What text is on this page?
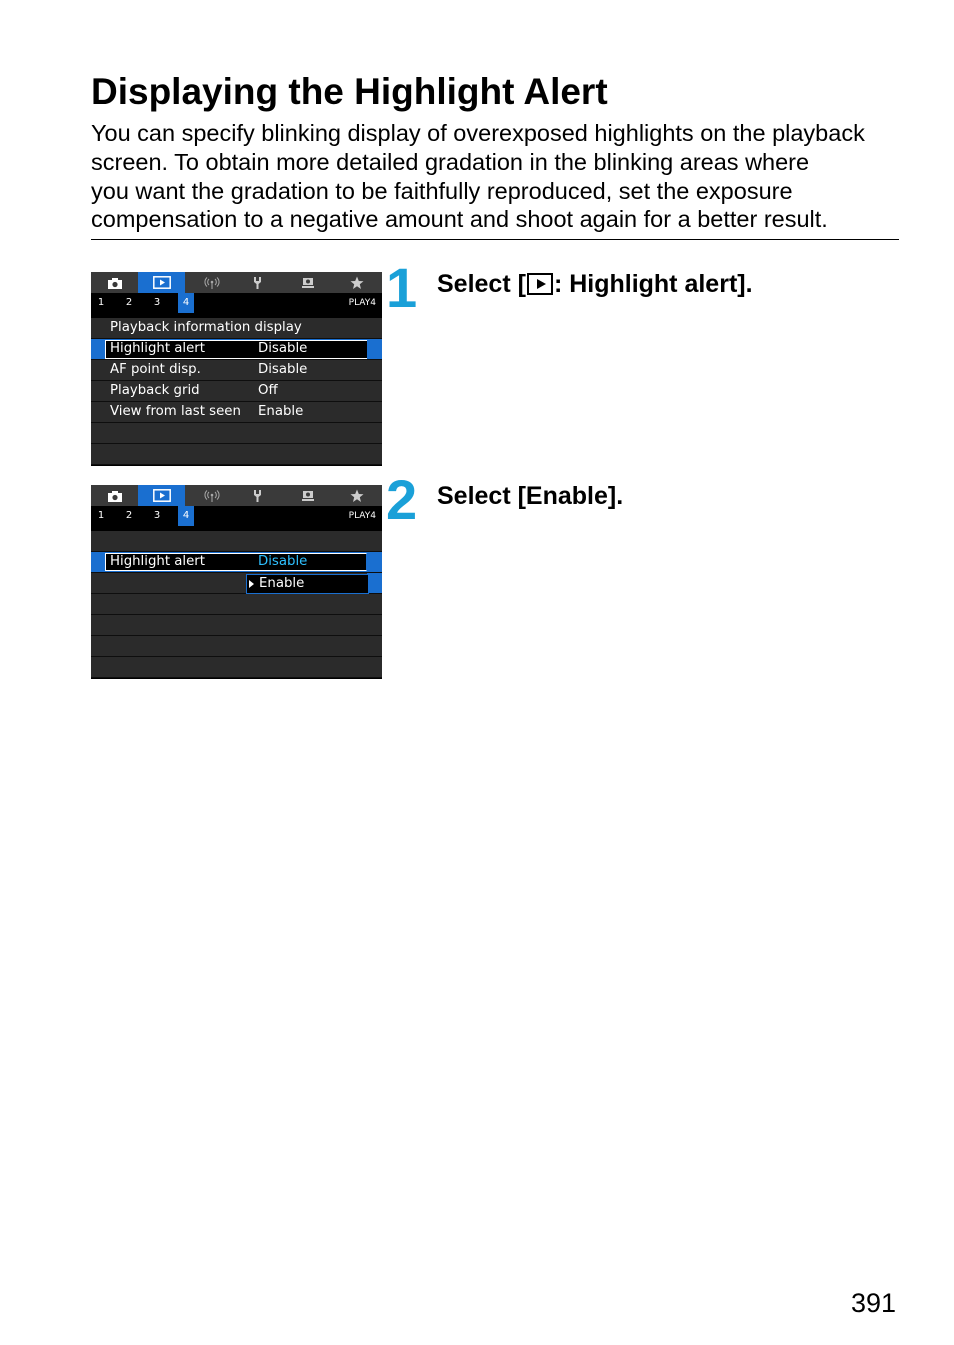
Displaying the Highlight Alert
You can specify blinking display of overexposed highlights on the playback
screen. To obtain more detailed gradation in the blinking areas where
you want the gradation to be faithfully reproduced, set the exposure
compensation to a negative amount and shoot again for a better result.
1	2	3	4	PLAY4
Playback information display
Highlight alert	Disable
AF point disp.	Disable
Playback grid	Off
View from last seen Enable
1 Select [ : Highlight alert].
1	2	3	4	PLAY4
Highlight alert	Disable
Enable
2 Select [Enable].
391
